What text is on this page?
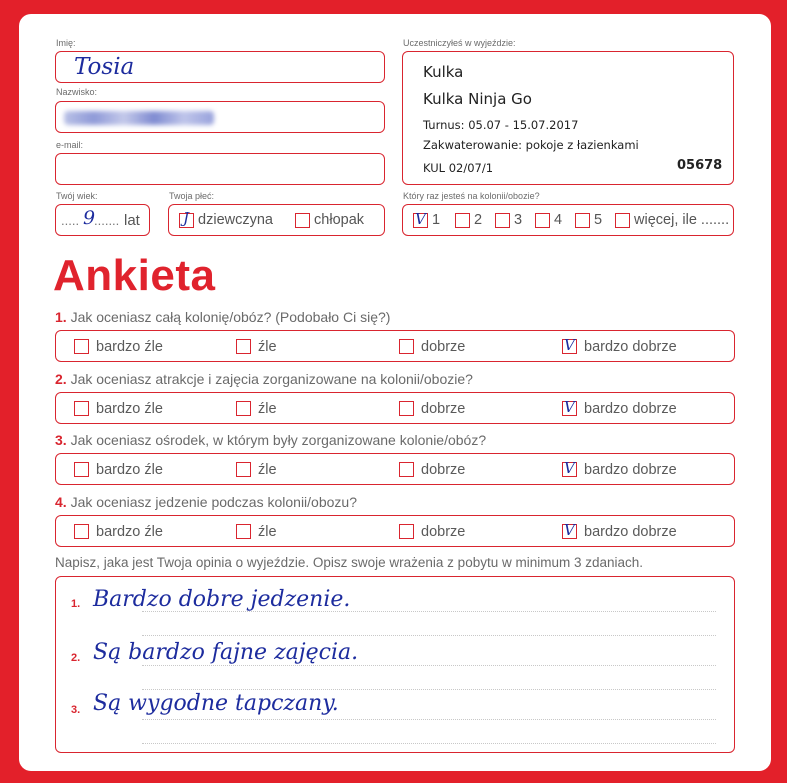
Imię:
Tosia
Nazwisko:
e-mail:
Twój wiek:
..... 9
....... lat
Twoja płeć:
J dziewczyna	chłopak
Uczestniczyłeś w wyjeździe:
Kulka
Kulka Ninja Go
Turnus: 05.07 - 15.07.2017
Zakwaterowanie: pokoje z łazienkami
KUL 02/07/1	05678
Który raz jesteś na kolonii/obozie?
V 1	2	3	4	5	więcej, ile .......
Ankieta
1. Jak oceniasz całą kolonię/obóz? (Podobało Ci się?)
bardzo źle	źle	dobrze	V bardzo dobrze
2. Jak oceniasz atrakcje i zajęcia zorganizowane na kolonii/obozie?
bardzo źle	źle	dobrze	V bardzo dobrze
3. Jak oceniasz ośrodek, w którym były zorganizowane kolonie/obóz?
bardzo źle	źle	dobrze	V bardzo dobrze
4. Jak oceniasz jedzenie podczas kolonii/obozu?
bardzo źle	źle	dobrze	V bardzo dobrze
Napisz, jaka jest Twoja opinia o wyjeździe. Opisz swoje wrażenia z pobytu w minimum 3 zdaniach.
1. Bardzo dobre jedzenie.
2. Są bardzo fajne zajęcia.
3. Są wygodne tapczany.
